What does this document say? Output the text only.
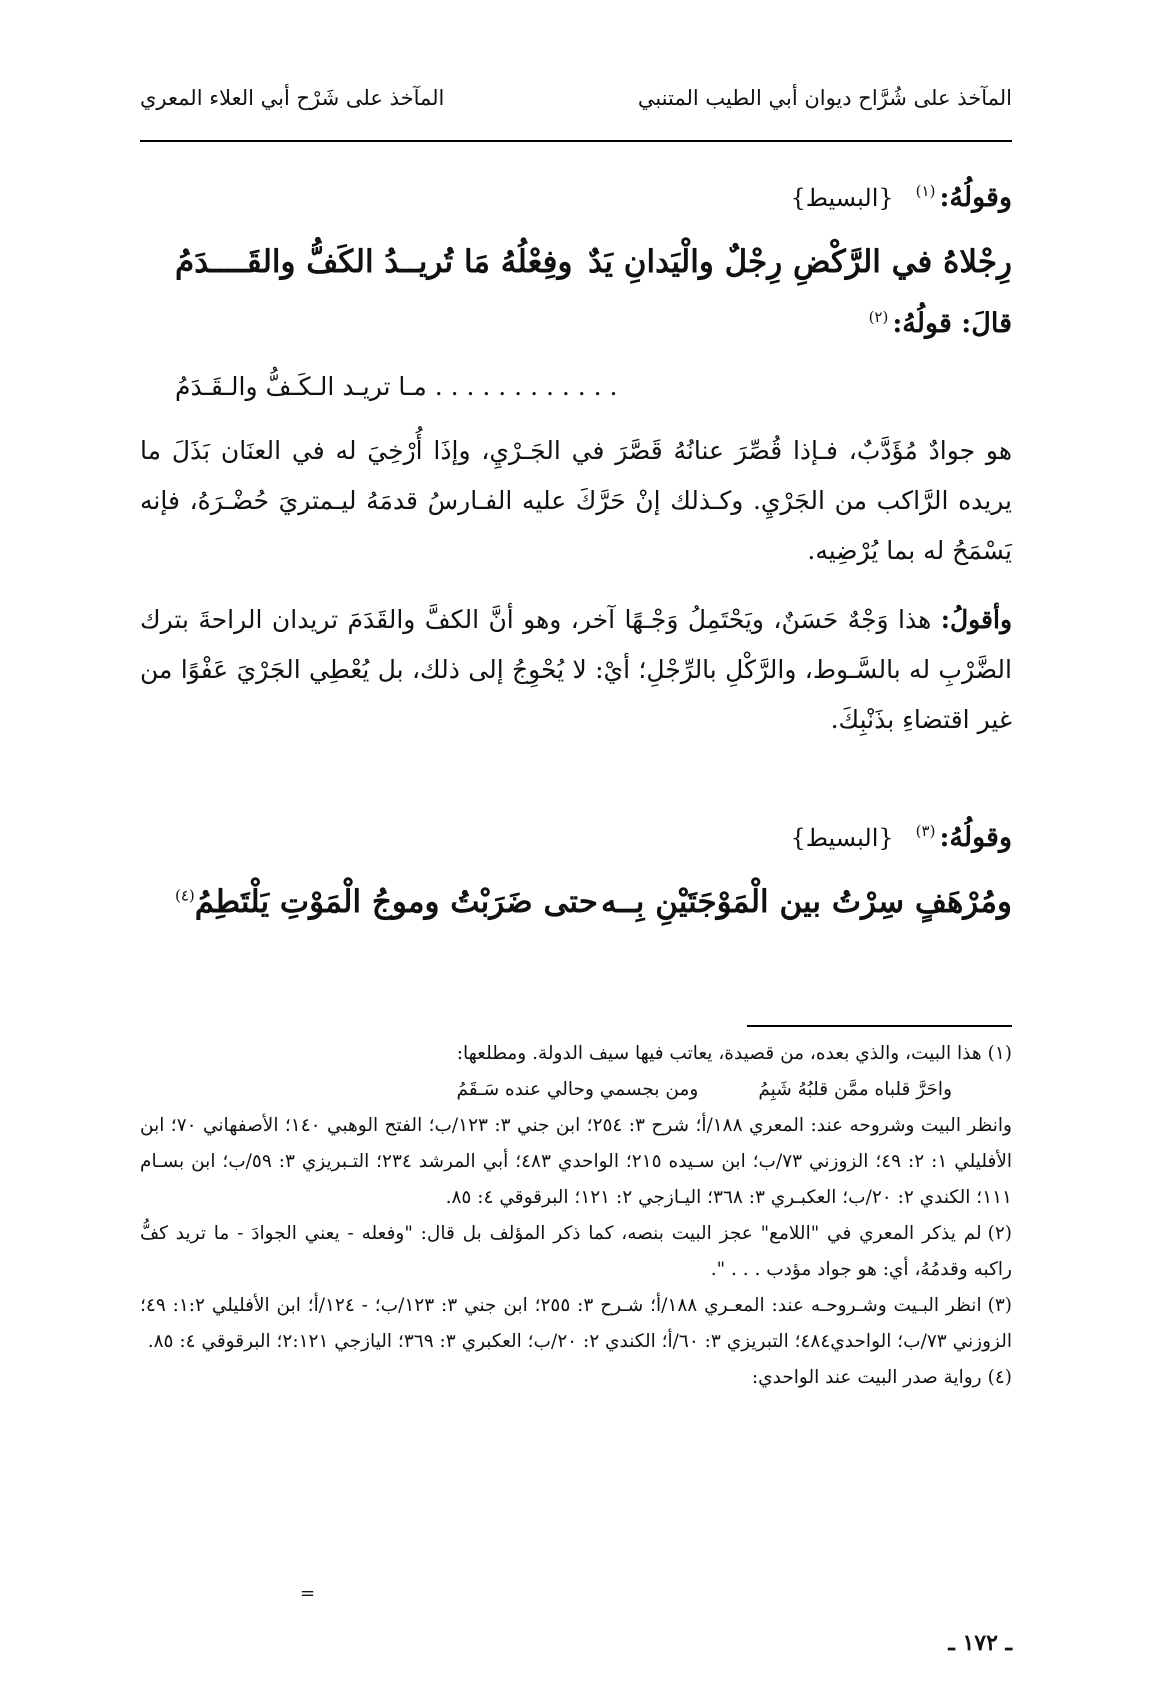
المآخذ على شُرَّاح ديوان أبي الطيب المتنبي
المآخذ على شَرْح أبي العلاء المعري
وقولُهُ:$^{(١)}${البسيط}
رِجْلاهُ في الرَّكْضِ رِجْلٌ والْيَدانِ يَدٌ
وفِعْلُهُ مَا تُريــدُ الكَفُّ والقَــــدَمُ
قالَ: قولُهُ:$^{(٢)}$
. . . . . . . . . . . . مـا تريـد الـكَـفُّ والـقَـدَمُ
هو جوادٌ مُؤَدَّبٌ، فـإذا قُصِّرَ عنانُهُ قَصَّرَ في الجَـرْيِ، وإذَا أُرْخِيَ له في العنَان بَذَلَ ما يريده الرَّاكب من الجَرْيِ. وكـذلك إنْ حَرَّكَ عليه الفـارسُ قدمَهُ ليـمتريَ حُضْـرَهُ، فإنه يَسْمَحُ له بما يُرْضِيه.
وأقولُ: هذا وَجْهٌ حَسَنٌ، ويَحْتَمِلُ وَجْـهًا آخر، وهو أنَّ الكفَّ والقَدَمَ تريدان الراحةَ بترك الضَّرْبِ له بالسَّـوط، والرَّكْلِ بالرِّجْلِ؛ أيْ: لا يُحْوِجُ إلى ذلك، بل يُعْطِي الجَرْيَ عَفْوًا من غير اقتضاءِ بذَنْبِكَ.
وقولُهُ:$^{(٣)}${البسيط}
ومُرْهَفٍ سِرْتُ بين الْمَوْجَتَيْنِ بِــه
حتى ضَرَبْتُ وموجُ الْمَوْتِ يَلْتَطِمُ$^{(٤)}$

(١)هذا البيت، والذي بعده، من قصيدة، يعاتب فيها سيف الدولة. ومطلعها:

واحَرَّ قلباه ممَّن قلبُهُ شَبِمُ
ومن بجسمي وحالي عنده سَـقَمُ

وانظر البيت وشروحه عند: المعري ١٨٨/أ؛ شرح ٣: ٢٥٤؛ ابن جني ٣: ١٢٣/ب؛ الفتح الوهبي ١٤٠؛ الأصفهاني ٧٠؛ ابن الأفليلي ١: ٢: ٤٩؛ الزوزني ٧٣/ب؛ ابن سـيده ٢١٥؛ الواحدي ٤٨٣؛ أبي المرشد ٢٣٤؛ التـبريزي ٣: ٥٩/ب؛ ابن بسـام ١١١؛ الكندي ٢: ٢٠/ب؛ العكبـري ٣: ٣٦٨؛ اليـازجي ٢: ١٢١؛ البرقوقي ٤: ٨٥.

(٢)لم يذكر المعري في "اللامع" عجز البيت بنصه، كما ذكر المؤلف بل قال: "وفعله - يعني الجوادَ - ما تريد كفُّ راكبه وقدمُهُ، أي: هو جواد مؤدب . . . ".

(٣)انظر البـيت وشـروحـه عند: المعـري ١٨٨/أ؛ شـرح ٣: ٢٥٥؛ ابن جني ٣: ١٢٣/ب؛ - ١٢٤/أ؛ ابن الأفليلي ١:٢: ٤٩؛ الزوزني ٧٣/ب؛ الواحدي٤٨٤؛ التبريزي ٣: ٦٠/أ؛ الكندي ٢: ٢٠/ب؛ العكبري ٣: ٣٦٩؛ اليازجي ٢:١٢١؛ البرقوقي ٤: ٨٥.

(٤)رواية صدر البيت عند الواحدي:

=
ـ ١٧٢ ـ
